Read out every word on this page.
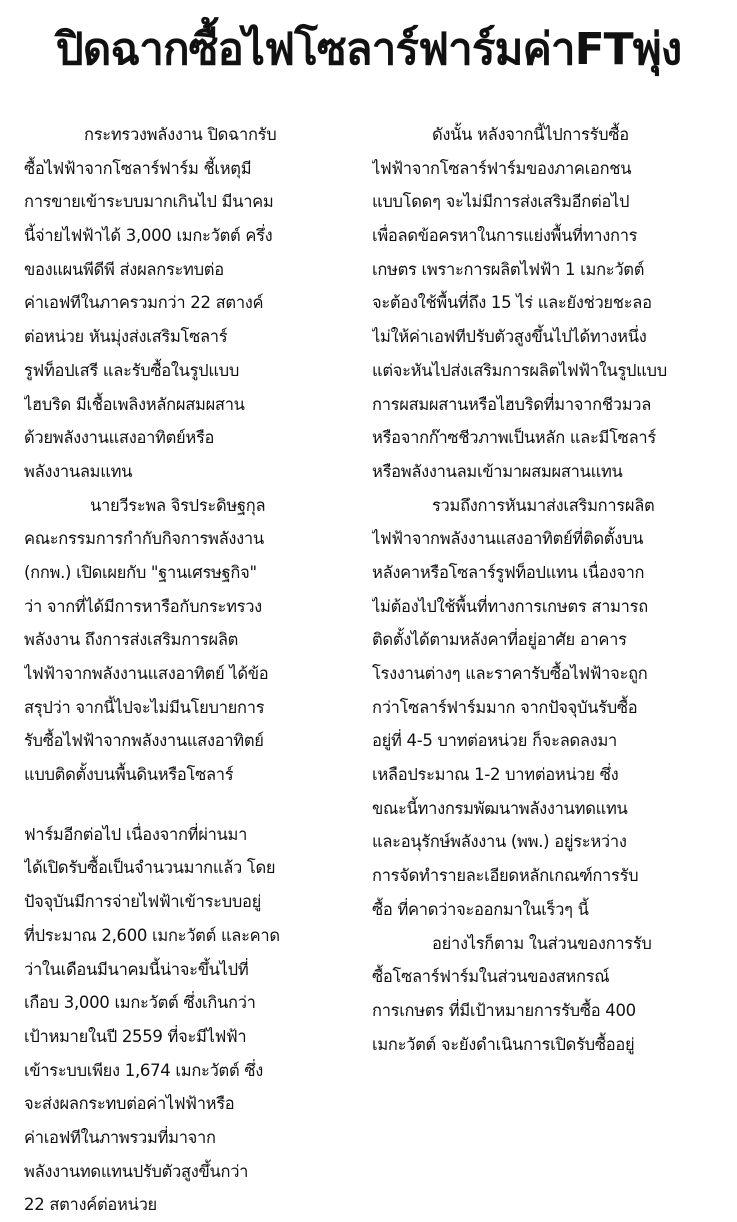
ปิดฉากซื้อไฟโซลาร์ฟาร์มค่าFTพุ่ง
กระทรวงพลังงาน ปิดฉากรับ
ซื้อไฟฟ้าจากโซลาร์ฟาร์ม ชี้เหตุมี
การขายเข้าระบบมากเกินไป มีนาคม
นี้จ่ายไฟฟ้าได้ 3,000 เมกะวัตต์ ครึ่ง
ของแผนพีดีพี ส่งผลกระทบต่อ
ค่าเอฟทีในภาครวมกว่า 22 สตางค์
ต่อหน่วย หันมุ่งส่งเสริมโซลาร์
รูฟท็อปเสรี และรับซื้อในรูปแบบ
ไฮบริด มีเชื้อเพลิงหลักผสมผสาน
ด้วยพลังงานแสงอาทิตย์หรือ
พลังงานลมแทน
นายวีระพล จิรประดิษฐกุล
คณะกรรมการกำกับกิจการพลังงาน
(กกพ.) เปิดเผยกับ "ฐานเศรษฐกิจ"
ว่า จากที่ได้มีการหารือกับกระทรวง
พลังงาน ถึงการส่งเสริมการผลิต
ไฟฟ้าจากพลังงานแสงอาทิตย์ ได้ข้อ
สรุปว่า จากนี้ไปจะไม่มีนโยบายการ
รับซื้อไฟฟ้าจากพลังงานแสงอาทิตย์
แบบติดตั้งบนพื้นดินหรือโซลาร์
ฟาร์มอีกต่อไป เนื่องจากที่ผ่านมา
ได้เปิดรับซื้อเป็นจำนวนมากแล้ว โดย
ปัจจุบันมีการจ่ายไฟฟ้าเข้าระบบอยู่
ที่ประมาณ 2,600 เมกะวัตต์ และคาด
ว่าในเดือนมีนาคมนี้น่าจะขึ้นไปที่
เกือบ 3,000 เมกะวัตต์ ซึ่งเกินกว่า
เป้าหมายในปี 2559 ที่จะมีไฟฟ้า
เข้าระบบเพียง 1,674 เมกะวัตต์ ซึ่ง
จะส่งผลกระทบต่อค่าไฟฟ้าหรือ
ค่าเอฟทีในภาพรวมที่มาจาก
พลังงานทดแทนปรับตัวสูงขึ้นกว่า
22 สตางค์ต่อหน่วย
ดังนั้น หลังจากนี้ไปการรับซื้อ
ไฟฟ้าจากโซลาร์ฟาร์มของภาคเอกชน
แบบโดดๆ จะไม่มีการส่งเสริมอีกต่อไป
เพื่อลดข้อครหาในการแย่งพื้นที่ทางการ
เกษตร เพราะการผลิตไฟฟ้า 1 เมกะวัตต์
จะต้องใช้พื้นที่ถึง 15 ไร่ และยังช่วยชะลอ
ไม่ให้ค่าเอฟทีปรับตัวสูงขึ้นไปได้ทางหนึ่ง
แต่จะหันไปส่งเสริมการผลิตไฟฟ้าในรูปแบบ
การผสมผสานหรือไฮบริดที่มาจากชีวมวล
หรือจากก๊าซชีวภาพเป็นหลัก และมีโซลาร์
หรือพลังงานลมเข้ามาผสมผสานแทน
รวมถึงการหันมาส่งเสริมการผลิต
ไฟฟ้าจากพลังงานแสงอาทิตย์ที่ติดตั้งบน
หลังคาหรือโซลาร์รูฟท็อปแทน เนื่องจาก
ไม่ต้องไปใช้พื้นที่ทางการเกษตร สามารถ
ติดตั้งได้ตามหลังคาที่อยู่อาศัย อาคาร
โรงงานต่างๆ และราคารับซื้อไฟฟ้าจะถูก
กว่าโซลาร์ฟาร์มมาก จากปัจจุบันรับซื้อ
อยู่ที่ 4-5 บาทต่อหน่วย ก็จะลดลงมา
เหลือประมาณ 1-2 บาทต่อหน่วย ซึ่ง
ขณะนี้ทางกรมพัฒนาพลังงานทดแทน
และอนุรักษ์พลังงาน (พพ.) อยู่ระหว่าง
การจัดทำรายละเอียดหลักเกณฑ์การรับ
ซื้อ ที่คาดว่าจะออกมาในเร็วๆ นี้
อย่างไรก็ตาม ในส่วนของการรับ
ซื้อโซลาร์ฟาร์มในส่วนของสหกรณ์
การเกษตร ที่มีเป้าหมายการรับซื้อ 400
เมกะวัตต์ จะยังดำเนินการเปิดรับซื้ออยู่
